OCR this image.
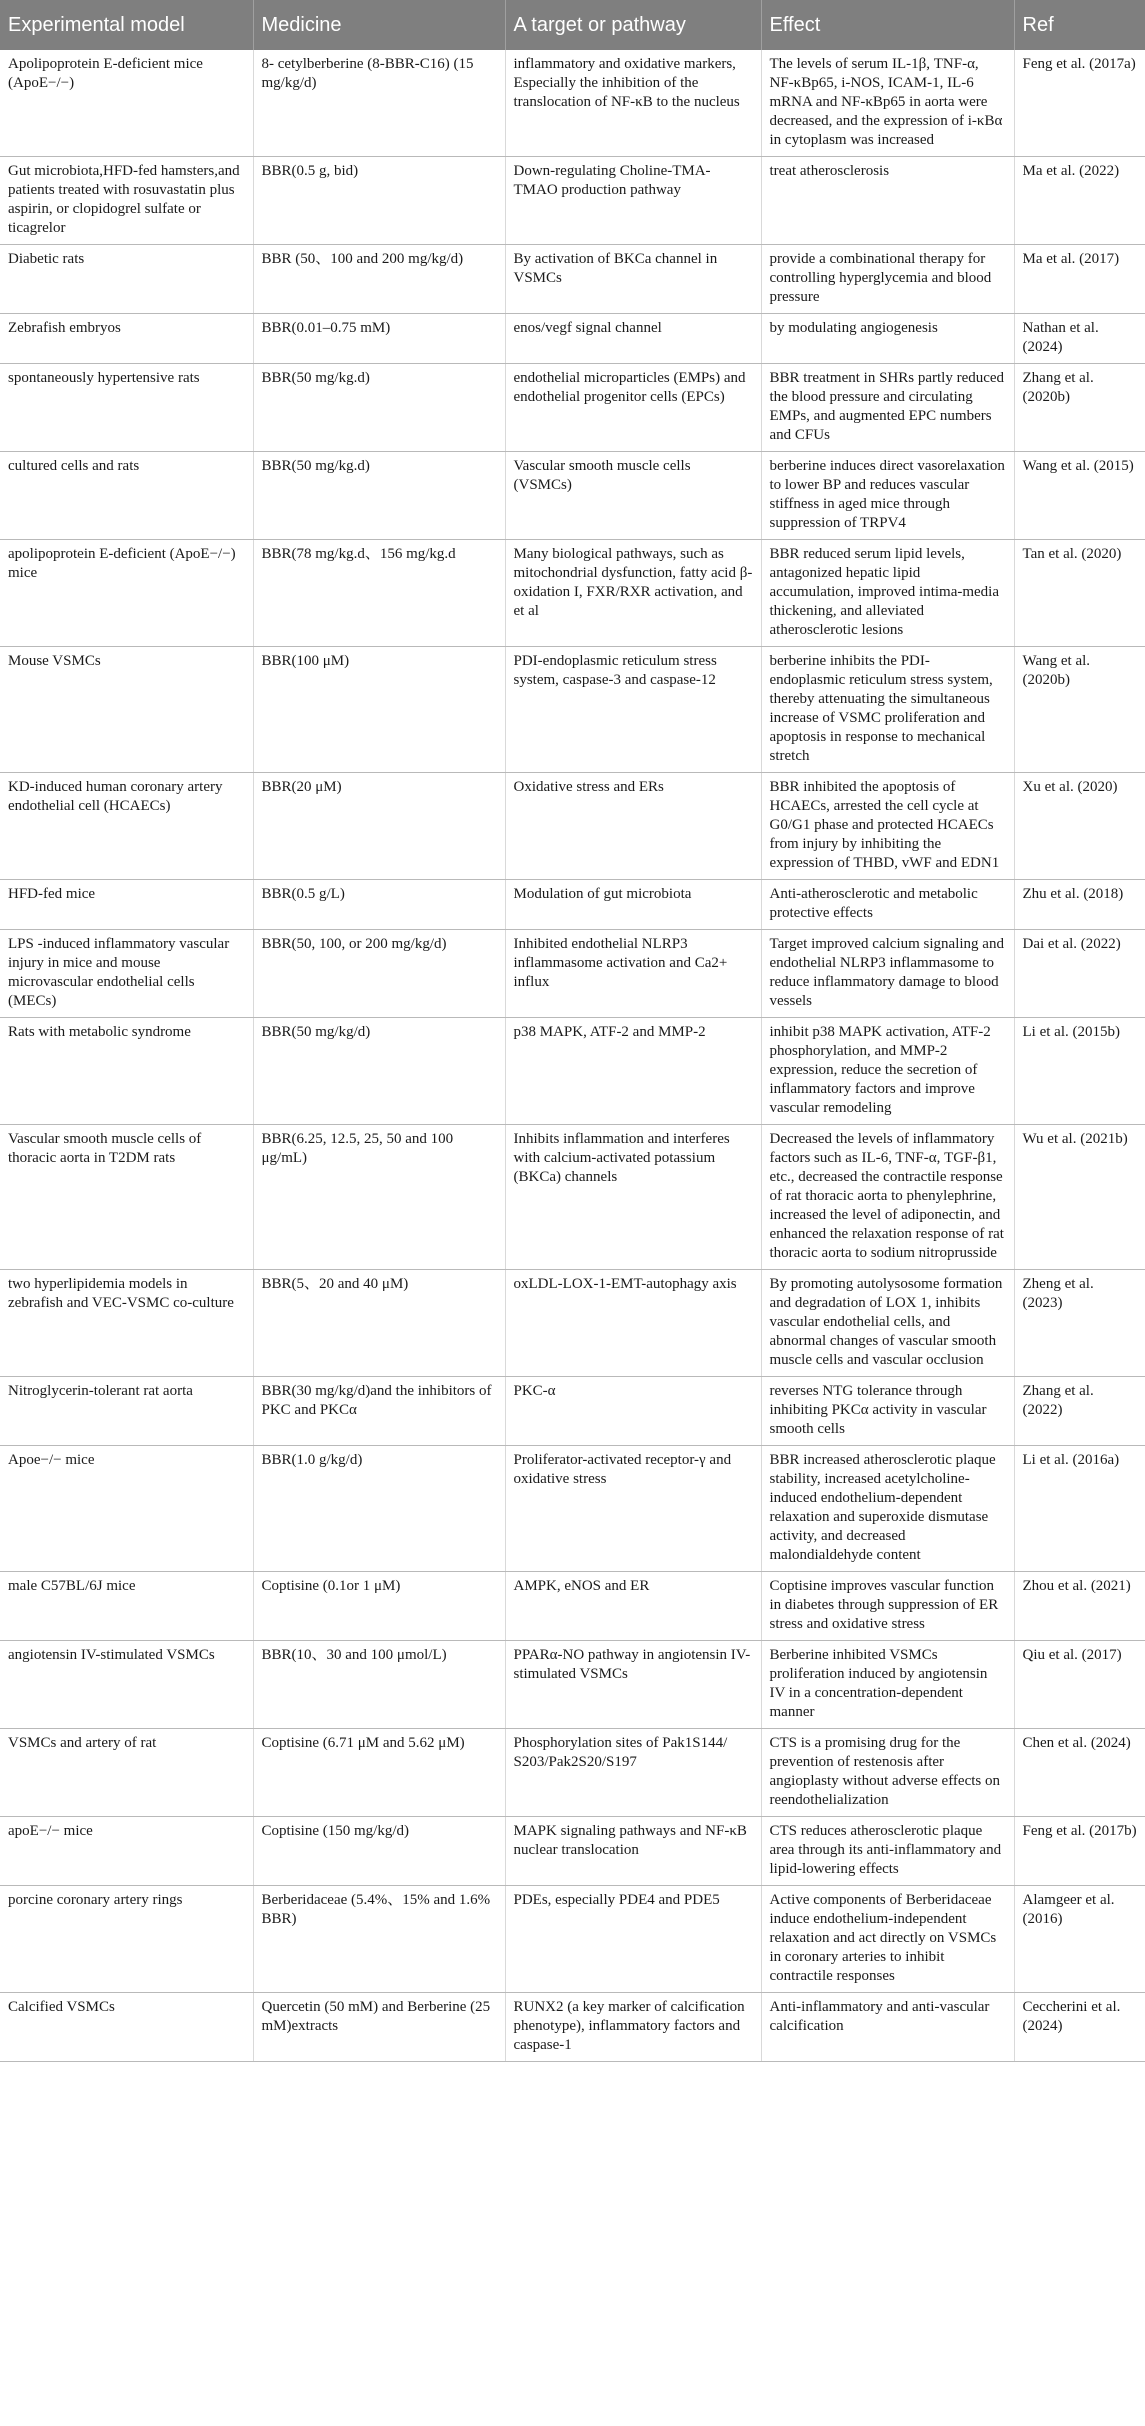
Experimental model	Medicine	A target or pathway	Effect	Ref
Apolipoprotein E-deficient mice (ApoE−/−)	8- cetylberberine (8-BBR-C16) (15 mg/kg/d)	inflammatory and oxidative markers, Especially the inhibition of the translocation of NF-κB to the nucleus	The levels of serum IL-1β, TNF-α, NF-κBp65, i-NOS, ICAM-1, IL-6 mRNA and NF-κBp65 in aorta were decreased, and the expression of i-κBα in cytoplasm was increased	Feng et al. (2017a)
Gut microbiota,HFD-fed hamsters,and patients treated with rosuvastatin plus aspirin, or clopidogrel sulfate or ticagrelor	BBR(0.5 g, bid)	Down-regulating Choline-TMA-TMAO production pathway	treat atherosclerosis	Ma et al. (2022)
Diabetic rats	BBR (50、100 and 200 mg/kg/d)	By activation of BKCa channel in VSMCs	provide a combinational therapy for controlling hyperglycemia and blood pressure	Ma et al. (2017)
Zebrafish embryos	BBR(0.01–0.75 mM)	enos/vegf signal channel	by modulating angiogenesis	Nathan et al. (2024)
spontaneously hypertensive rats	BBR(50 mg/kg.d)	endothelial microparticles (EMPs) and endothelial progenitor cells (EPCs)	BBR treatment in SHRs partly reduced the blood pressure and circulating EMPs, and augmented EPC numbers and CFUs	Zhang et al. (2020b)
cultured cells and rats	BBR(50 mg/kg.d)	Vascular smooth muscle cells (VSMCs)	berberine induces direct vasorelaxation to lower BP and reduces vascular stiffness in aged mice through suppression of TRPV4	Wang et al. (2015)
apolipoprotein E-deficient (ApoE−/−) mice	BBR(78 mg/kg.d、156 mg/kg.d	Many biological pathways, such as mitochondrial dysfunction, fatty acid β-oxidation I, FXR/RXR activation, and et al	BBR reduced serum lipid levels, antagonized hepatic lipid accumulation, improved intima-media thickening, and alleviated atherosclerotic lesions	Tan et al. (2020)
Mouse VSMCs	BBR(100 μM)	PDI-endoplasmic reticulum stress system, caspase-3 and caspase-12	berberine inhibits the PDI-endoplasmic reticulum stress system, thereby attenuating the simultaneous increase of VSMC proliferation and apoptosis in response to mechanical stretch	Wang et al. (2020b)
KD-induced human coronary artery endothelial cell (HCAECs)	BBR(20 μM)	Oxidative stress and ERs	BBR inhibited the apoptosis of HCAECs, arrested the cell cycle at G0/G1 phase and protected HCAECs from injury by inhibiting the expression of THBD, vWF and EDN1	Xu et al. (2020)
HFD-fed mice	BBR(0.5 g/L)	Modulation of gut microbiota	Anti-atherosclerotic and metabolic protective effects	Zhu et al. (2018)
LPS -induced inflammatory vascular injury in mice and mouse microvascular endothelial cells (MECs)	BBR(50, 100, or 200 mg/kg/d)	Inhibited endothelial NLRP3 inflammasome activation and Ca2+ influx	Target improved calcium signaling and endothelial NLRP3 inflammasome to reduce inflammatory damage to blood vessels	Dai et al. (2022)
Rats with metabolic syndrome	BBR(50 mg/kg/d)	p38 MAPK, ATF-2 and MMP-2	inhibit p38 MAPK activation, ATF-2 phosphorylation, and MMP-2 expression, reduce the secretion of inflammatory factors and improve vascular remodeling	Li et al. (2015b)
Vascular smooth muscle cells of thoracic aorta in T2DM rats	BBR(6.25, 12.5, 25, 50 and 100 μg/mL)	Inhibits inflammation and interferes with calcium-activated potassium (BKCa) channels	Decreased the levels of inflammatory factors such as IL-6, TNF-α, TGF-β1, etc., decreased the contractile response of rat thoracic aorta to phenylephrine, increased the level of adiponectin, and enhanced the relaxation response of rat thoracic aorta to sodium nitroprusside	Wu et al. (2021b)
two hyperlipidemia models in zebrafish and VEC-VSMC co-culture	BBR(5、20 and 40 μM)	oxLDL-LOX-1-EMT-autophagy axis	By promoting autolysosome formation and degradation of LOX 1, inhibits vascular endothelial cells, and abnormal changes of vascular smooth muscle cells and vascular occlusion	Zheng et al. (2023)
Nitroglycerin-tolerant rat aorta	BBR(30 mg/kg/d)and the inhibitors of PKC and PKCα	PKC-α	reverses NTG tolerance through inhibiting PKCα activity in vascular smooth cells	Zhang et al. (2022)
Apoe−/− mice	BBR(1.0 g/kg/d)	Proliferator-activated receptor-γ and oxidative stress	BBR increased atherosclerotic plaque stability, increased acetylcholine-induced endothelium-dependent relaxation and superoxide dismutase activity, and decreased malondialdehyde content	Li et al. (2016a)
male C57BL/6J mice	Coptisine (0.1or 1 μM)	AMPK, eNOS and ER	Coptisine improves vascular function in diabetes through suppression of ER stress and oxidative stress	Zhou et al. (2021)
angiotensin IV-stimulated VSMCs	BBR(10、30 and 100 μmol/L)	PPARα-NO pathway in angiotensin IV-stimulated VSMCs	Berberine inhibited VSMCs proliferation induced by angiotensin IV in a concentration-dependent manner	Qiu et al. (2017)
VSMCs and artery of rat	Coptisine (6.71 μM and 5.62 μM)	Phosphorylation sites of Pak1S144/ S203/Pak2S20/S197	CTS is a promising drug for the prevention of restenosis after angioplasty without adverse effects on reendothelialization	Chen et al. (2024)
apoE−/− mice	Coptisine (150 mg/kg/d)	MAPK signaling pathways and NF-κB nuclear translocation	CTS reduces atherosclerotic plaque area through its anti-inflammatory and lipid-lowering effects	Feng et al. (2017b)
porcine coronary artery rings	Berberidaceae (5.4%、15% and 1.6% BBR)	PDEs, especially PDE4 and PDE5	Active components of Berberidaceae induce endothelium-independent relaxation and act directly on VSMCs in coronary arteries to inhibit contractile responses	Alamgeer et al. (2016)
Calcified VSMCs	Quercetin (50 mM) and Berberine (25 mM)extracts	RUNX2 (a key marker of calcification phenotype), inflammatory factors and caspase-1	Anti-inflammatory and anti-vascular calcification	Ceccherini et al. (2024)
